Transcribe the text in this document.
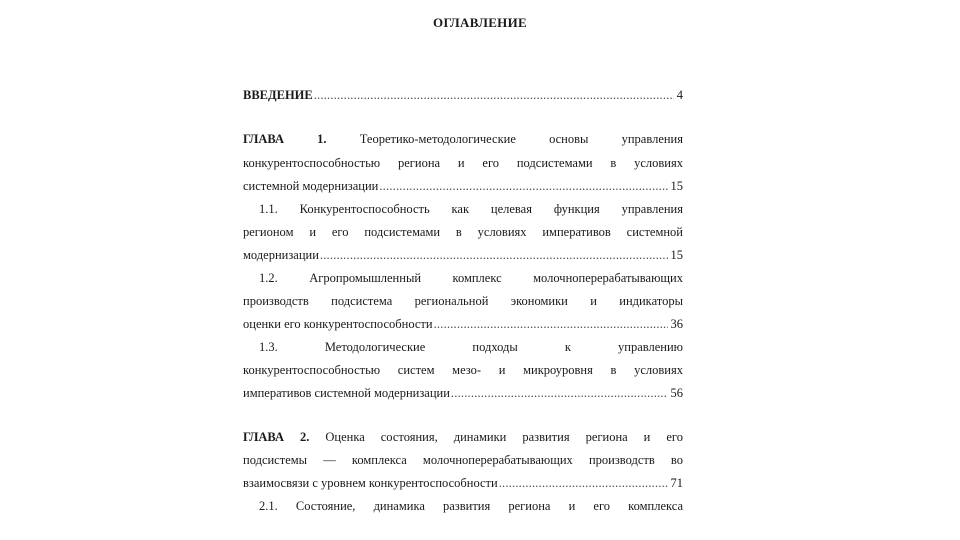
ОГЛАВЛЕНИЕ
ВВЕДЕНИЕ .....	4
ГЛАВА 1.	Теоретико-методологические основы управления
конкурентоспособностью региона и его подсистемами в условиях
системной модернизации .....	15
1.1. Конкурентоспособность как целевая функция управления
регионом и его подсистемами в условиях императивов системной
модернизации .....	15
1.2. Агропромышленный комплекс молочноперерабатывающих
производств подсистема региональной экономики и индикаторы
оценки его конкурентоспособности .....	36
1.3. Методологические подходы к управлению
конкурентоспособностью систем мезо- и микроуровня в условиях
императивов системной модернизации .....	56
ГЛАВА 2. Оценка состояния, динамики развития региона и его
подсистемы — комплекса молочноперерабатывающих производств во
взаимосвязи с уровнем конкурентоспособности .....	71
2.1. Состояние, динамика развития региона и его комплекса
